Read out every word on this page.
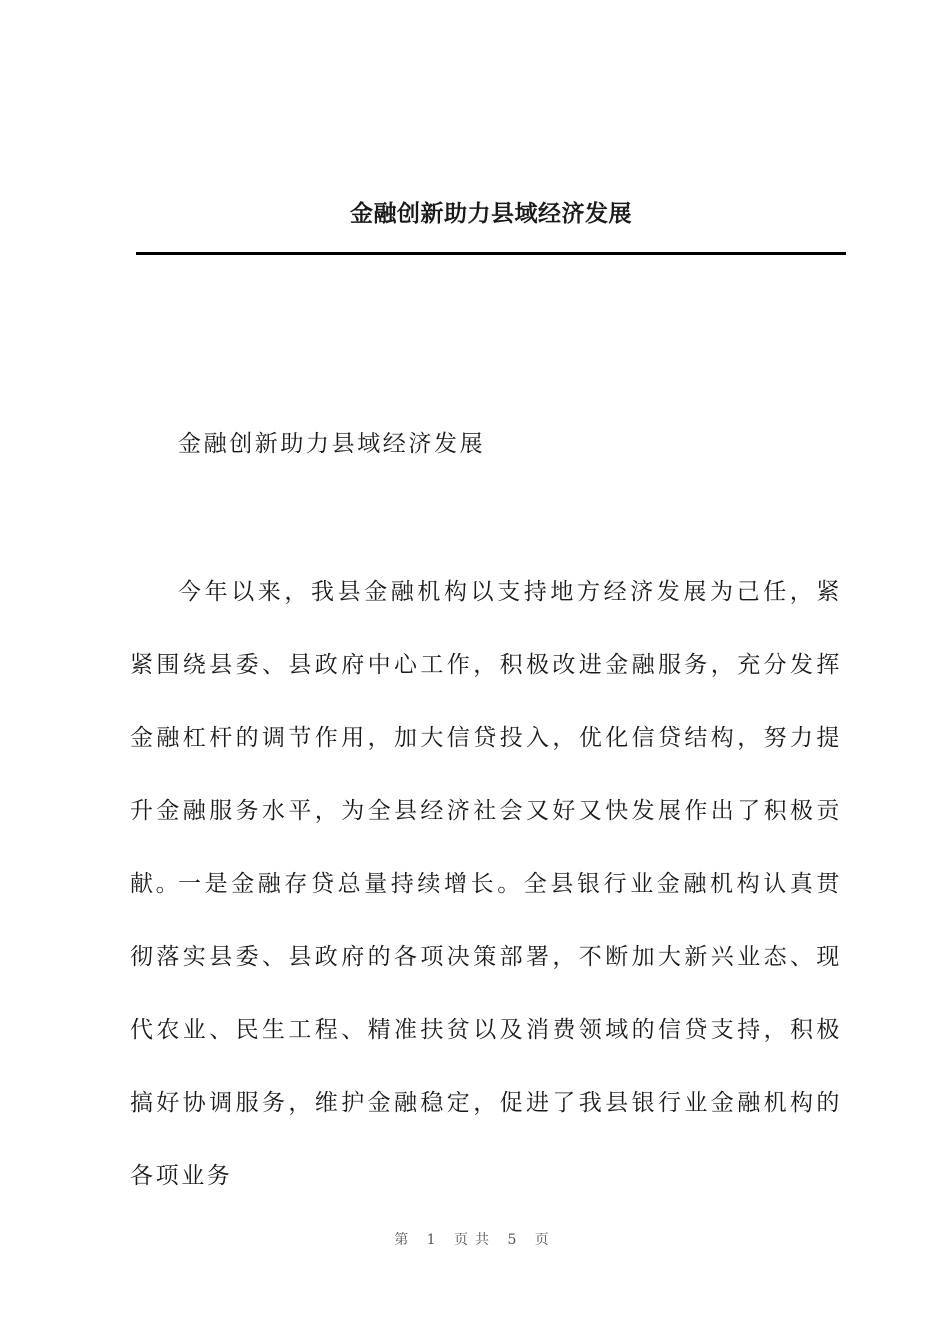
金融创新助力县域经济发展

金融创新助力县域经济发展

今年以来，我县金融机构以支持地方经济发展为己任，紧紧围绕县委、县政府中心工作，积极改进金融服务，充分发挥金融杠杆的调节作用，加大信贷投入，优化信贷结构，努力提升金融服务水平，为全县经济社会又好又快发展作出了积极贡献。

一是金融存贷总量持续增长。全县银行业金融机构认真贯彻落实县委、县政府的各项决策部署，不断加大新兴业态、现代农业、民生工程、精准扶贫以及消费领域的信贷支持，积极搞好协调服务，维护金融稳定，促进了我县银行业金融机构的各项业务

第 1 页共 5 页
